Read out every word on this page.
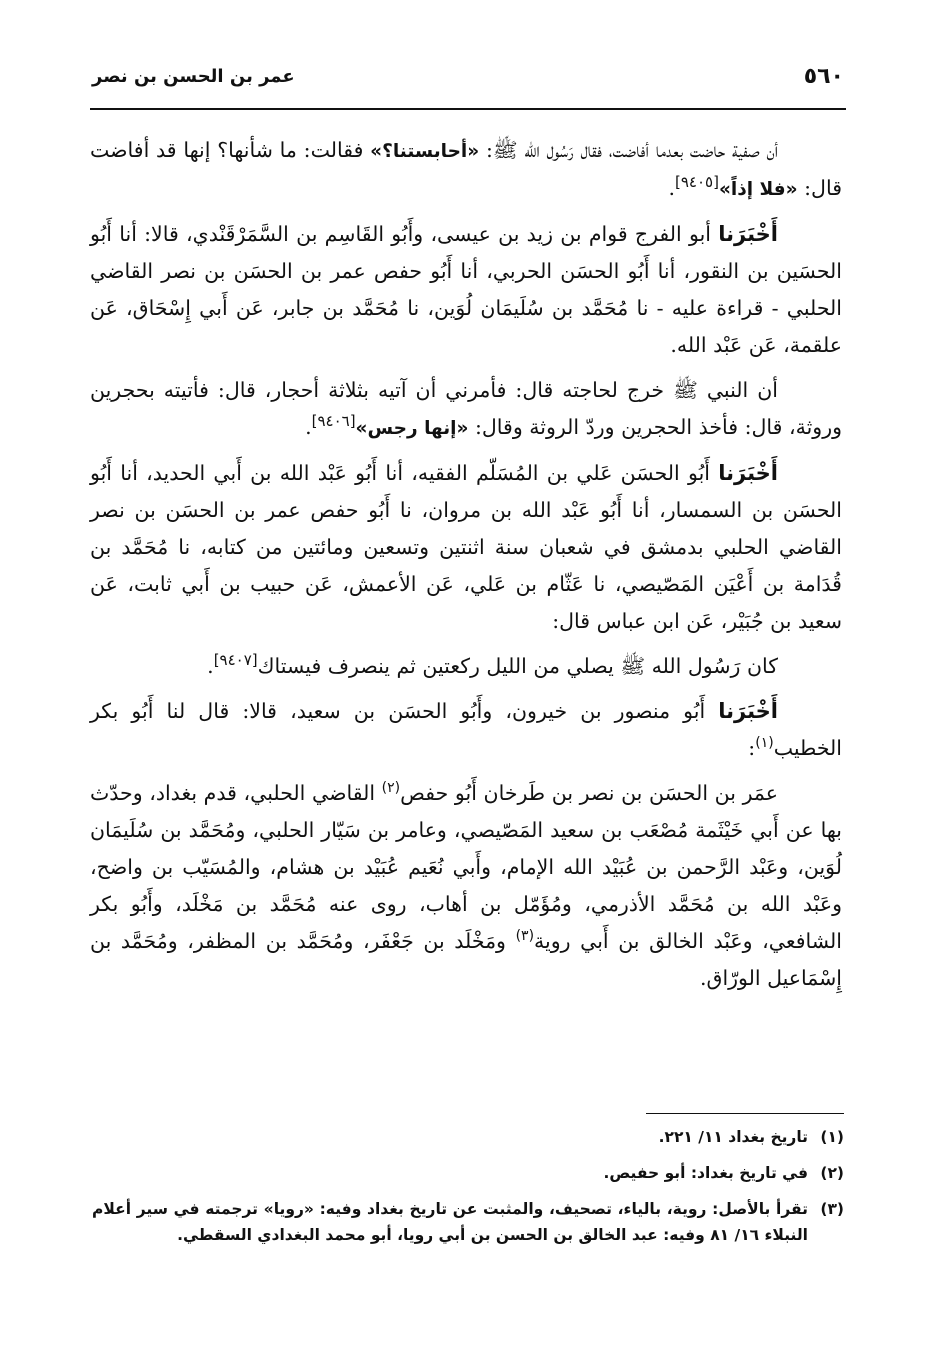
٥٦٠
عمر بن الحسن بن نصر

أن صفية حاضت بعدما أفاضت، فقال رَسُول الله ﷺ: «أحابستنا؟» فقالت: ما شأنها؟ إنها قد أفاضت قال: «فلا إذاً»[٩٤٠٥].

أَخْبَرَنا أبو الفرج قوام بن زيد بن عيسى، وأَبُو القَاسِم بن السَّمَرْقَنْدي، قالا: أنا أَبُو الحسَين بن النقور، أنا أَبُو الحسَن الحربي، أنا أَبُو حفص عمر بن الحسَن بن نصر القاضي الحلبي - قراءة عليه - نا مُحَمَّد بن سُلَيمَان لُوَين، نا مُحَمَّد بن جابر، عَن أَبي إِسْحَاق، عَن علقمة، عَن عَبْد الله.

أن النبي ﷺ خرج لحاجته قال: فأمرني أن آتيه بثلاثة أحجار، قال: فأتيته بحجرين وروثة، قال: فأخذ الحجرين وردّ الروثة وقال: «إنها رجس»[٩٤٠٦].

أَخْبَرَنا أَبُو الحسَن عَلي بن المُسَلّم الفقيه، أنا أَبُو عَبْد الله بن أَبي الحديد، أنا أَبُو الحسَن بن السمسار، أنا أَبُو عَبْد الله بن مروان، نا أَبُو حفص عمر بن الحسَن بن نصر القاضي الحلبي بدمشق في شعبان سنة اثنتين وتسعين ومائتين من كتابه، نا مُحَمَّد بن قُدَامة بن أَعْيَن المَصّيصي، نا عَثّام بن عَلي، عَن الأعمش، عَن حبيب بن أَبي ثابت، عَن سعيد بن جُبَيْر، عَن ابن عباس قال:

كان رَسُول الله ﷺ يصلي من الليل ركعتين ثم ينصرف فيستاك[٩٤٠٧].

أَخْبَرَنا أَبُو منصور بن خيرون، وأَبُو الحسَن بن سعيد، قالا: قال لنا أَبُو بكر الخطيب$^{(١)}$:

عمَر بن الحسَن بن نصر بن طَرخان أَبُو حفص$^{(٢)}$ القاضي الحلبي، قدم بغداد، وحدّث بها عن أَبي خَيْثَمة مُصْعَب بن سعيد المَصّيصي، وعامر بن سَيّار الحلبي، ومُحَمَّد بن سُلَيمَان لُوَين، وعَبْد الرَّحمن بن عُبَيْد الله الإمام، وأَبي نُعَيم عُبَيْد بن هشام، والمُسَيّب بن واضح، وعَبْد الله بن مُحَمَّد الأذرمي، ومُؤَمّل بن أهاب، روى عنه مُحَمَّد بن مَخْلَد، وأَبُو بكر الشافعي، وعَبْد الخالق بن أَبي روية$^{(٣)}$ ومَخْلَد بن جَعْفَر، ومُحَمَّد بن المظفر، ومُحَمَّد بن إِسْمَاعيل الورّاق.

(١)
تاريخ بغداد ١١/ ٢٢١.
(٢)
في تاريخ بغداد: أبو حفيص.
(٣)
تقرأ بالأصل: روية، بالياء، تصحيف، والمثبت عن تاريخ بغداد وفيه: «رويا» ترجمته في سير أعلام النبلاء ١٦/ ٨١ وفيه: عبد الخالق بن الحسن بن أبي رويا، أبو محمد البغدادي السقطي.
